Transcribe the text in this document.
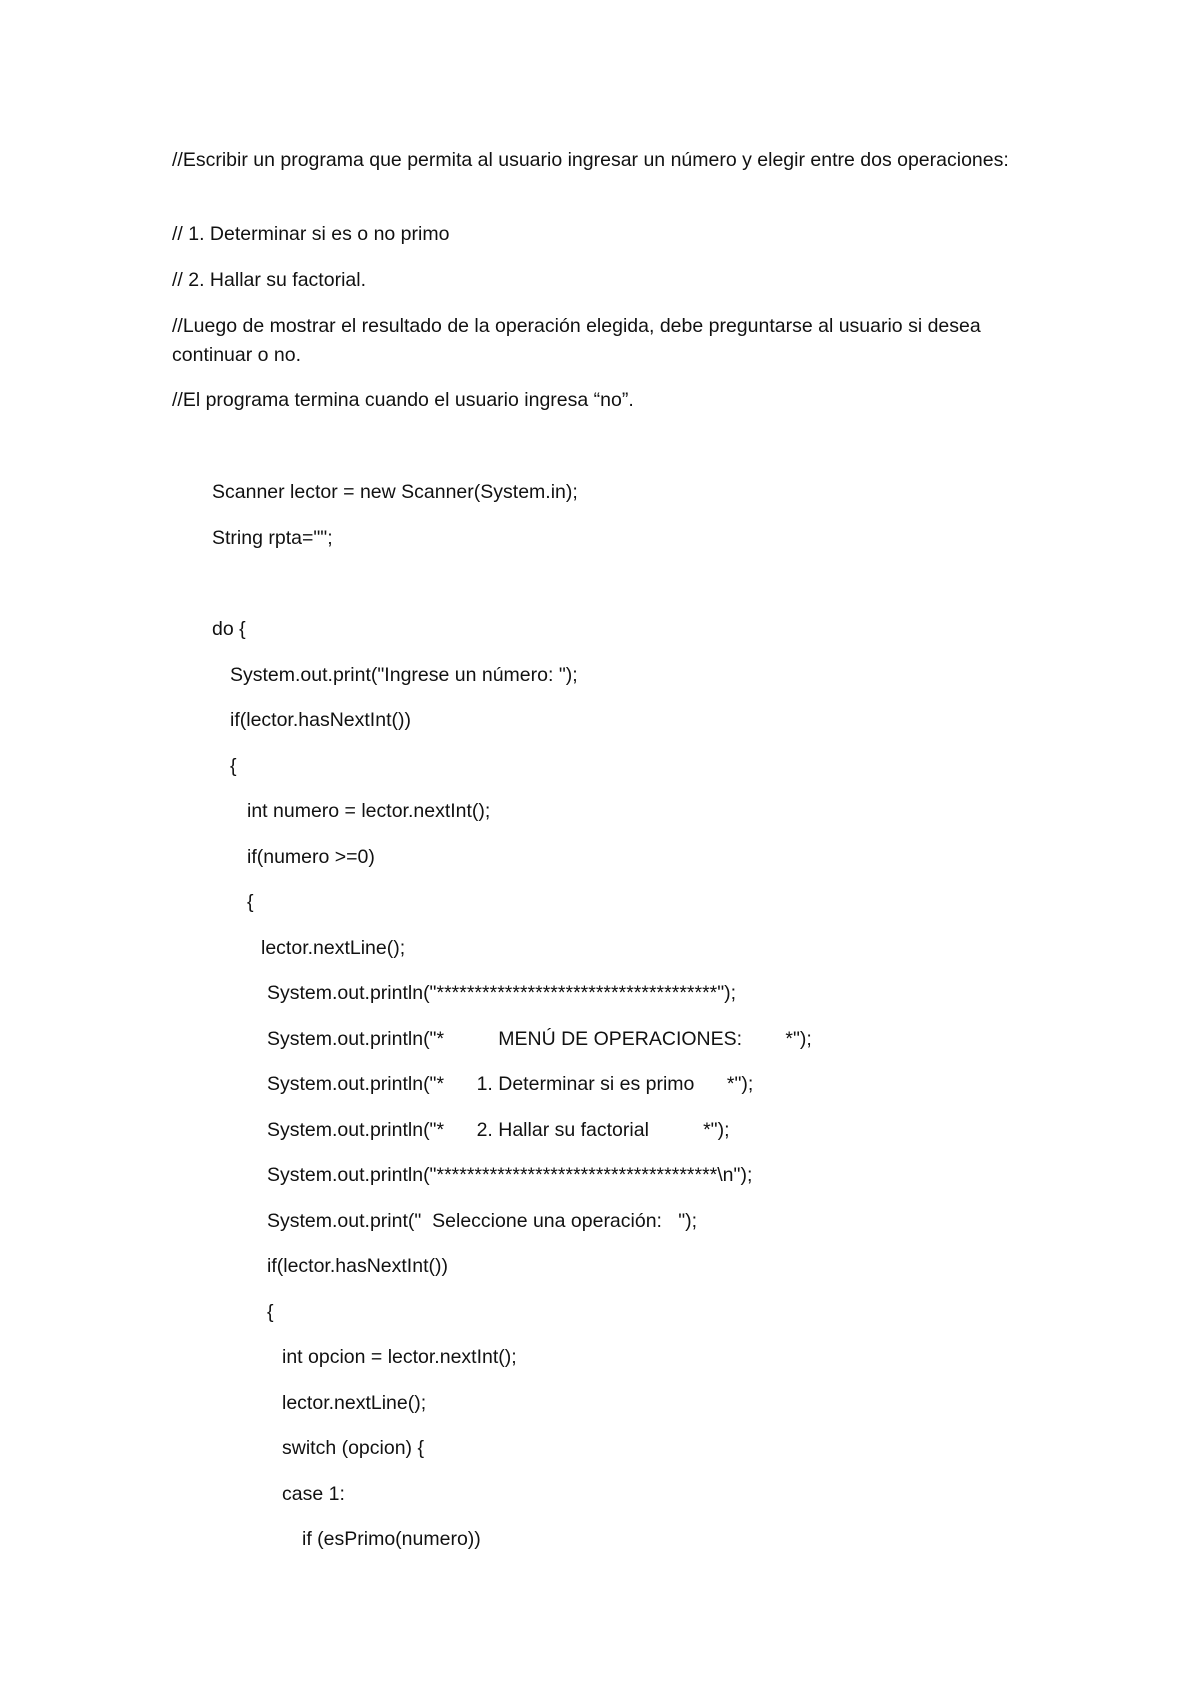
//Escribir un programa que permita al usuario ingresar un número y elegir entre dos operaciones:
// 1. Determinar si es o no primo
// 2. Hallar su factorial.
//Luego de mostrar el resultado de la operación elegida, debe preguntarse al usuario si desea continuar o no.
//El programa termina cuando el usuario ingresa “no”.
Scanner lector = new Scanner(System.in);
String rpta="";
do {
System.out.print("Ingrese un número: ");
if(lector.hasNextInt())
{
int numero = lector.nextInt();
if(numero >=0)
{
lector.nextLine();
System.out.println("*************************************");
System.out.println("*          MENÚ DE OPERACIONES:        *");
System.out.println("*      1. Determinar si es primo      *");
System.out.println("*      2. Hallar su factorial          *");
System.out.println("*************************************\n");
System.out.print("  Seleccione una operación:   ");
if(lector.hasNextInt())
{
int opcion = lector.nextInt();
lector.nextLine();
switch (opcion) {
case 1:
if (esPrimo(numero))
